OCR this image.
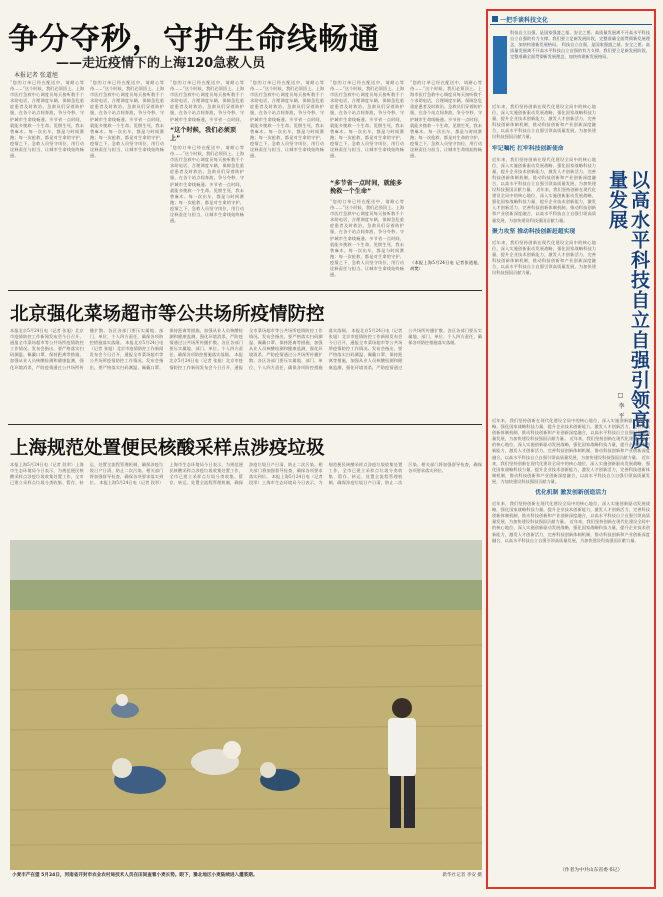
争分夺秒，守护生命线畅通
——走近疫情下的上海120急救人员
本报记者 张道旭
“您的订单已经在配送中，请耐心等待……”这个时候，我们必须顶上。上海市医疗急救中心调度员每天接听数千个求助电话，合理调度车辆，保障急危重症患者及时救治。急救员们穿着防护服，在各个站点间奔波，争分夺秒，守护城市生命线畅通。多节省一点时间，就能多挽救一个生命。见惯生死，我未曾麻木。每一次出车，都是与时间赛跑；每一次抢救，都是对生命的守护。疫情之下，急救人员坚守岗位，用行动诠释责任与担当，让城市生命线始终畅通。
“您的订单已经在配送中，请耐心等待……”这个时候，我们必须顶上。上海市医疗急救中心调度员每天接听数千个求助电话，合理调度车辆，保障急危重症患者及时救治。急救员们穿着防护服，在各个站点间奔波，争分夺秒，守护城市生命线畅通。多节省一点时间，就能多挽救一个生命。见惯生死，我未曾麻木。每一次出车，都是与时间赛跑；每一次抢救，都是对生命的守护。疫情之下，急救人员坚守岗位，用行动诠释责任与担当，让城市生命线始终畅通。
“您的订单已经在配送中，请耐心等待……”这个时候，我们必须顶上。上海市医疗急救中心调度员每天接听数千个求助电话，合理调度车辆，保障急危重症患者及时救治。急救员们穿着防护服，在各个站点间奔波，争分夺秒，守护城市生命线畅通。多节省一点时间，
“这个时候，我们必须顶上”
“您的订单已经在配送中，请耐心等待……”这个时候，我们必须顶上。上海市医疗急救中心调度员每天接听数千个求助电话，合理调度车辆，保障急危重症患者及时救治。急救员们穿着防护服，在各个站点间奔波，争分夺秒，守护城市生命线畅通。多节省一点时间，就能多挽救一个生命。见惯生死，我未曾麻木。每一次出车，都是与时间赛跑；每一次抢救，都是对生命的守护。疫情之下，急救人员坚守岗位，用行动诠释责任与担当，让城市生命线始终畅通。
“您的订单已经在配送中，请耐心等待……”这个时候，我们必须顶上。上海市医疗急救中心调度员每天接听数千个求助电话，合理调度车辆，保障急危重症患者及时救治。急救员们穿着防护服，在各个站点间奔波，争分夺秒，守护城市生命线畅通。多节省一点时间，就能多挽救一个生命。见惯生死，我未曾麻木。每一次出车，都是与时间赛跑；每一次抢救，都是对生命的守护。疫情之下，急救人员坚守岗位，用行动诠释责任与担当，让城市生命线始终畅通。
“您的订单已经在配送中，请耐心等待……”这个时候，我们必须顶上。上海市医疗急救中心调度员每天接听数千个求助电话，合理调度车辆，保障急危重症患者及时救治。急救员们穿着防护服，在各个站点间奔波，争分夺秒，守护城市生命线畅通。多节省一点时间，就能多挽救一个生命。见惯生死，我未曾麻木。每一次出车，都是与时间赛跑；每一次抢救，都是对生命的守护。疫情之下，急救人员坚守岗位，用行动诠释责任与担当，让城市生命线始终畅通。
“多节省一点时间，就能多挽救一个生命”
“您的订单已经在配送中，请耐心等待……”这个时候，我们必须顶上。上海市医疗急救中心调度员每天接听数千个求助电话，合理调度车辆，保障急危重症患者及时救治。急救员们穿着防护服，在各个站点间奔波，争分夺秒，守护城市生命线畅通。多节省一点时间，就能多挽救一个生命。见惯生死，我未曾麻木。每一次出车，都是与时间赛跑；每一次抢救，都是对生命的守护。疫情之下，急救人员坚守岗位，用行动诠释责任与担当，让城市生命线始终畅通。
“您的订单已经在配送中，请耐心等待……”这个时候，我们必须顶上。上海市医疗急救中心调度员每天接听数千个求助电话，合理调度车辆，保障急危重症患者及时救治。急救员们穿着防护服，在各个站点间奔波，争分夺秒，守护城市生命线畅通。多节省一点时间，就能多挽救一个生命。见惯生死，我未曾麻木。每一次出车，都是与时间赛跑；每一次抢救，都是对生命的守护。疫情之下，急救人员坚守岗位，用行动诠释责任与担当，让城市生命线始终畅通。
（本报上海5月24日电 记者张道旭、胡樊）
北京强化菜场超市等公共场所疫情防控
本报北京5月24日电（记者 张旭）北京市疫情防控工作新闻发布会今日召开，通报全市菜场超市等公共场所疫情防控工作情况。发布会指出，要严格落实扫码测温、佩戴口罩、保持距离等措施，加强从业人员核酸检测和健康监测，强化环境消杀，严防疫情通过公共场所传播扩散。各区各部门要压实属地、部门、单位、个人四方责任，确保各项防控措施落实落细。 本报北京5月24日电（记者 张旭）北京市疫情防控工作新闻发布会今日召开，通报全市菜场超市等公共场所疫情防控工作情况。发布会指出，要严格落实扫码测温、佩戴口罩、保持距离等措施，加强从业人员核酸检测和健康监测，强化环境消杀，严防疫情通过公共场所传播扩散。各区各部门要压实属地、部门、单位、个人四方责任，确保各项防控措施落实落细。 本报北京5月24日电（记者 张旭）北京市疫情防控工作新闻发布会今日召开，通报全市菜场超市等公共场所疫情防控工作情况。发布会指出，要严格落实扫码测温、佩戴口罩、保持距离等措施，加强从业人员核酸检测和健康监测，强化环境消杀，严防疫情通过公共场所传播扩散。各区各部门要压实属地、部门、单位、个人四方责任，确保各项防控措施落实落细。 本报北京5月24日电（记者 张旭）北京市疫情防控工作新闻发布会今日召开，通报全市菜场超市等公共场所疫情防控工作情况。发布会指出，要严格落实扫码测温、佩戴口罩、保持距离等措施，加强从业人员核酸检测和健康监测，强化环境消杀，严防疫情通过公共场所传播扩散。各区各部门要压实属地、部门、单位、个人四方责任，确保各项防控措施落实落细。
上海规范处置便民核酸采样点涉疫垃圾
本报上海5月24日电（记者 段翠）上海市生态环境局今日表示，为规范便民核酸采样点涉疫垃圾收集处置工作，全市已建立采样点垃圾分类收集、暂存、转运、处置全流程管理机制，确保涉疫垃圾日产日清，防止二次污染。相关部门将加强督导检查，确保各项要求落实到位。 本报上海5月24日电（记者 段翠）上海市生态环境局今日表示，为规范便民核酸采样点涉疫垃圾收集处置工作，全市已建立采样点垃圾分类收集、暂存、转运、处置全流程管理机制，确保涉疫垃圾日产日清，防止二次污染。相关部门将加强督导检查，确保各项要求落实到位。 本报上海5月24日电（记者 段翠）上海市生态环境局今日表示，为规范便民核酸采样点涉疫垃圾收集处置工作，全市已建立采样点垃圾分类收集、暂存、转运、处置全流程管理机制，确保涉疫垃圾日产日清，防止二次污染。相关部门将加强督导检查，确保各项要求落实到位。
小麦丰产在望 5月24日，河南省开封市农业农村局技术人员在田间查看小麦长势。眼下，豫北地区小麦陆续进入灌浆期。	新华社记者 李安 摄
一把手谈科技文化
科技自立自强，是国家强盛之基、安全之要。高质量发展离不开高水平科技自立自强的有力支撑。我们要立足新发展阶段，完整准确全面贯彻新发展理念，加快构建新发展格局。 科技自立自强，是国家强盛之基、安全之要。高质量发展离不开高水平科技自立自强的有力支撑。我们要立足新发展阶段，完整准确全面贯彻新发展理念，加快构建新发展格局。
近年来，我们坚持创新在现代化建设全局中的核心地位，深入实施创新驱动发展战略，强化国家战略科技力量，提升企业技术创新能力，激发人才创新活力，完善科技创新体制机制，推动科技创新和产业创新深度融合，以高水平科技自立自强引领高质量发展，为加快建设科技强国贡献力量。
牢记嘱托 扛牢科技创新使命
近年来，我们坚持创新在现代化建设全局中的核心地位，深入实施创新驱动发展战略，强化国家战略科技力量，提升企业技术创新能力，激发人才创新活力，完善科技创新体制机制，推动科技创新和产业创新深度融合，以高水平科技自立自强引领高质量发展，为加快建设科技强国贡献力量。 近年来，我们坚持创新在现代化建设全局中的核心地位，深入实施创新驱动发展战略，强化国家战略科技力量，提升企业技术创新能力，激发人才创新活力，完善科技创新体制机制，推动科技创新和产业创新深度融合，以高水平科技自立自强引领高质量发展，为加快建设科技强国贡献力量。
聚力攻坚 推动科技创新赶超实现
近年来，我们坚持创新在现代化建设全局中的核心地位，深入实施创新驱动发展战略，强化国家战略科技力量，提升企业技术创新能力，激发人才创新活力，完善科技创新体制机制，推动科技创新和产业创新深度融合，以高水平科技自立自强引领高质量发展，为加快建设科技强国贡献力量。	以高水平科技自立自强引领高质量发展
□ 李 平
近年来，我们坚持创新在现代化建设全局中的核心地位，深入实施创新驱动发展战略，强化国家战略科技力量，提升企业技术创新能力，激发人才创新活力，完善科技创新体制机制，推动科技创新和产业创新深度融合，以高水平科技自立自强引领高质量发展，为加快建设科技强国贡献力量。 近年来，我们坚持创新在现代化建设全局中的核心地位，深入实施创新驱动发展战略，强化国家战略科技力量，提升企业技术创新能力，激发人才创新活力，完善科技创新体制机制，推动科技创新和产业创新深度融合，以高水平科技自立自强引领高质量发展，为加快建设科技强国贡献力量。 近年来，我们坚持创新在现代化建设全局中的核心地位，深入实施创新驱动发展战略，强化国家战略科技力量，提升企业技术创新能力，激发人才创新活力，完善科技创新体制机制，推动科技创新和产业创新深度融合，以高水平科技自立自强引领高质量发展，为加快建设科技强国贡献力量。
优化机制 激发创新创造活力
近年来，我们坚持创新在现代化建设全局中的核心地位，深入实施创新驱动发展战略，强化国家战略科技力量，提升企业技术创新能力，激发人才创新活力，完善科技创新体制机制，推动科技创新和产业创新深度融合，以高水平科技自立自强引领高质量发展，为加快建设科技强国贡献力量。 近年来，我们坚持创新在现代化建设全局中的核心地位，深入实施创新驱动发展战略，强化国家战略科技力量，提升企业技术创新能力，激发人才创新活力，完善科技创新体制机制，推动科技创新和产业创新深度融合，以高水平科技自立自强引领高质量发展，为加快建设科技强国贡献力量。
（作者为中共山东省委书记）
